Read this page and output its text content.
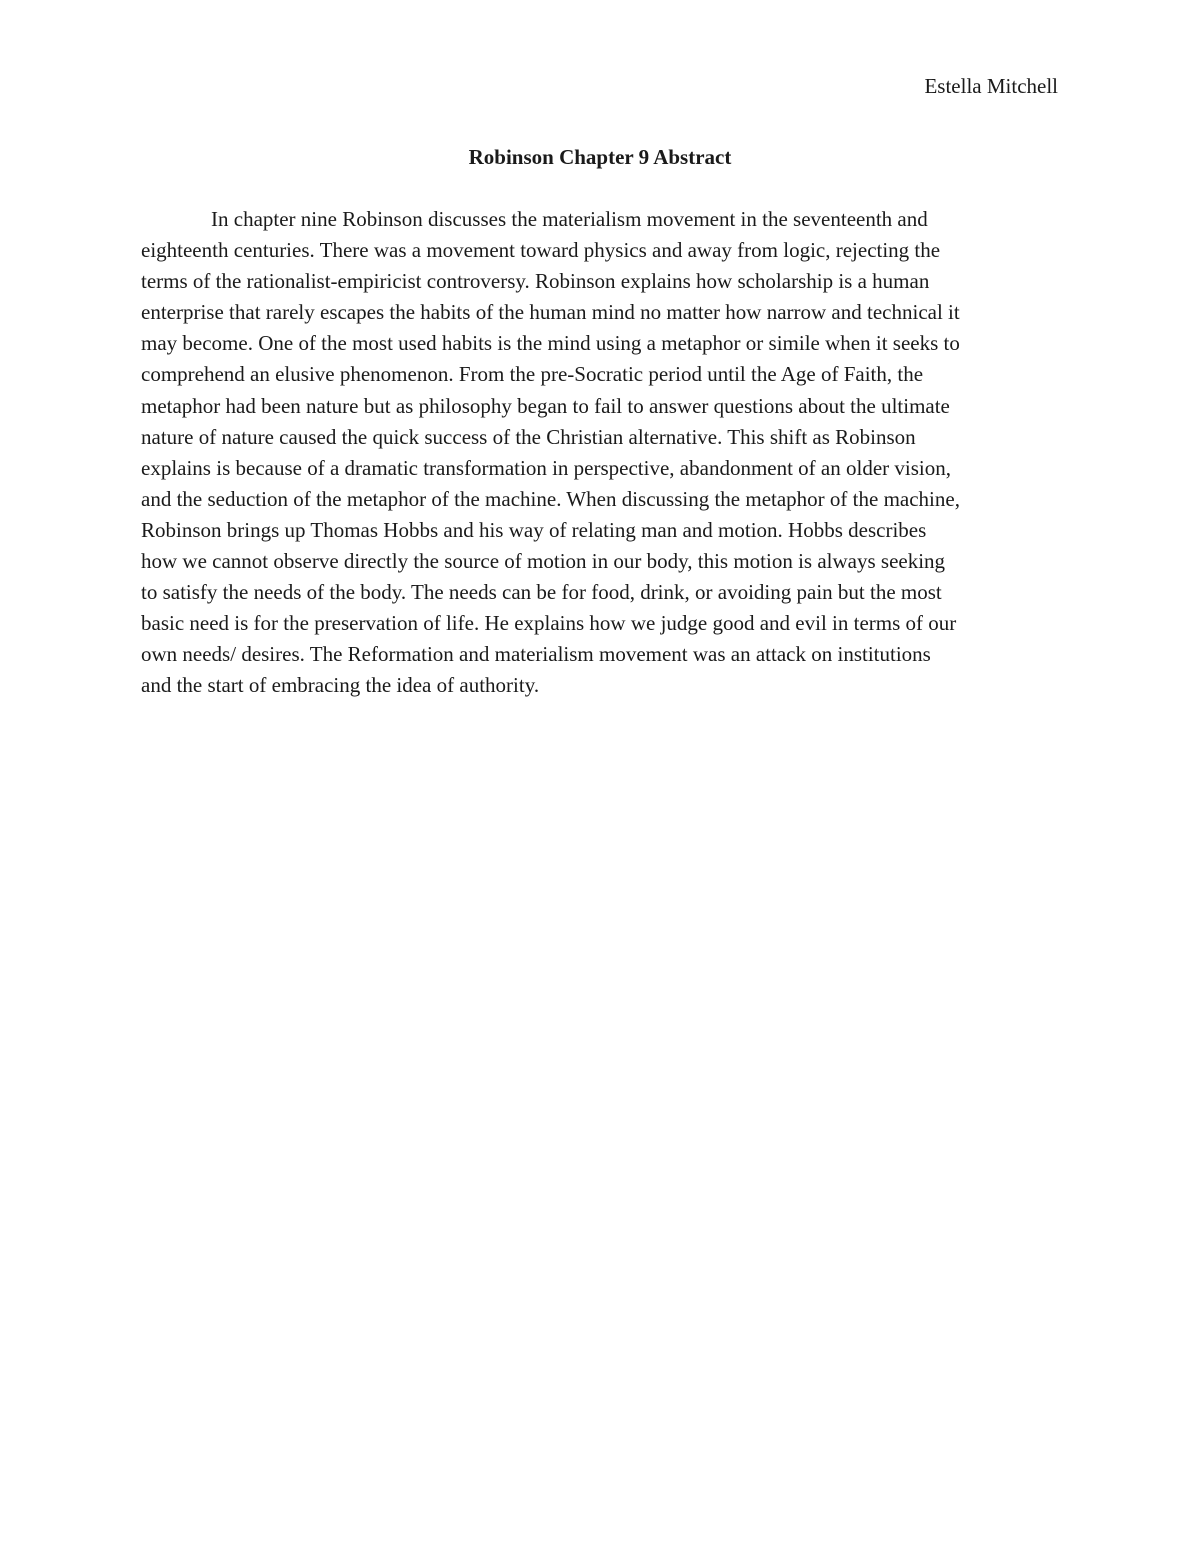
Estella Mitchell
Robinson Chapter 9 Abstract

In chapter nine Robinson discusses the materialism movement in the seventeenth and
eighteenth centuries. There was a movement toward physics and away from logic, rejecting the
terms of the rationalist-empiricist controversy. Robinson explains how scholarship is a human
enterprise that rarely escapes the habits of the human mind no matter how narrow and technical it
may become. One of the most used habits is the mind using a metaphor or simile when it seeks to
comprehend an elusive phenomenon. From the pre-Socratic period until the Age of Faith, the
metaphor had been nature but as philosophy began to fail to answer questions about the ultimate
nature of nature caused the quick success of the Christian alternative. This shift as Robinson
explains is because of a dramatic transformation in perspective, abandonment of an older vision,
and the seduction of the metaphor of the machine. When discussing the metaphor of the machine,
Robinson brings up Thomas Hobbs and his way of relating man and motion. Hobbs describes
how we cannot observe directly the source of motion in our body, this motion is always seeking
to satisfy the needs of the body. The needs can be for food, drink, or avoiding pain but the most
basic need is for the preservation of life. He explains how we judge good and evil in terms of our
own needs/ desires. The Reformation and materialism movement was an attack on institutions
and the start of embracing the idea of authority.
